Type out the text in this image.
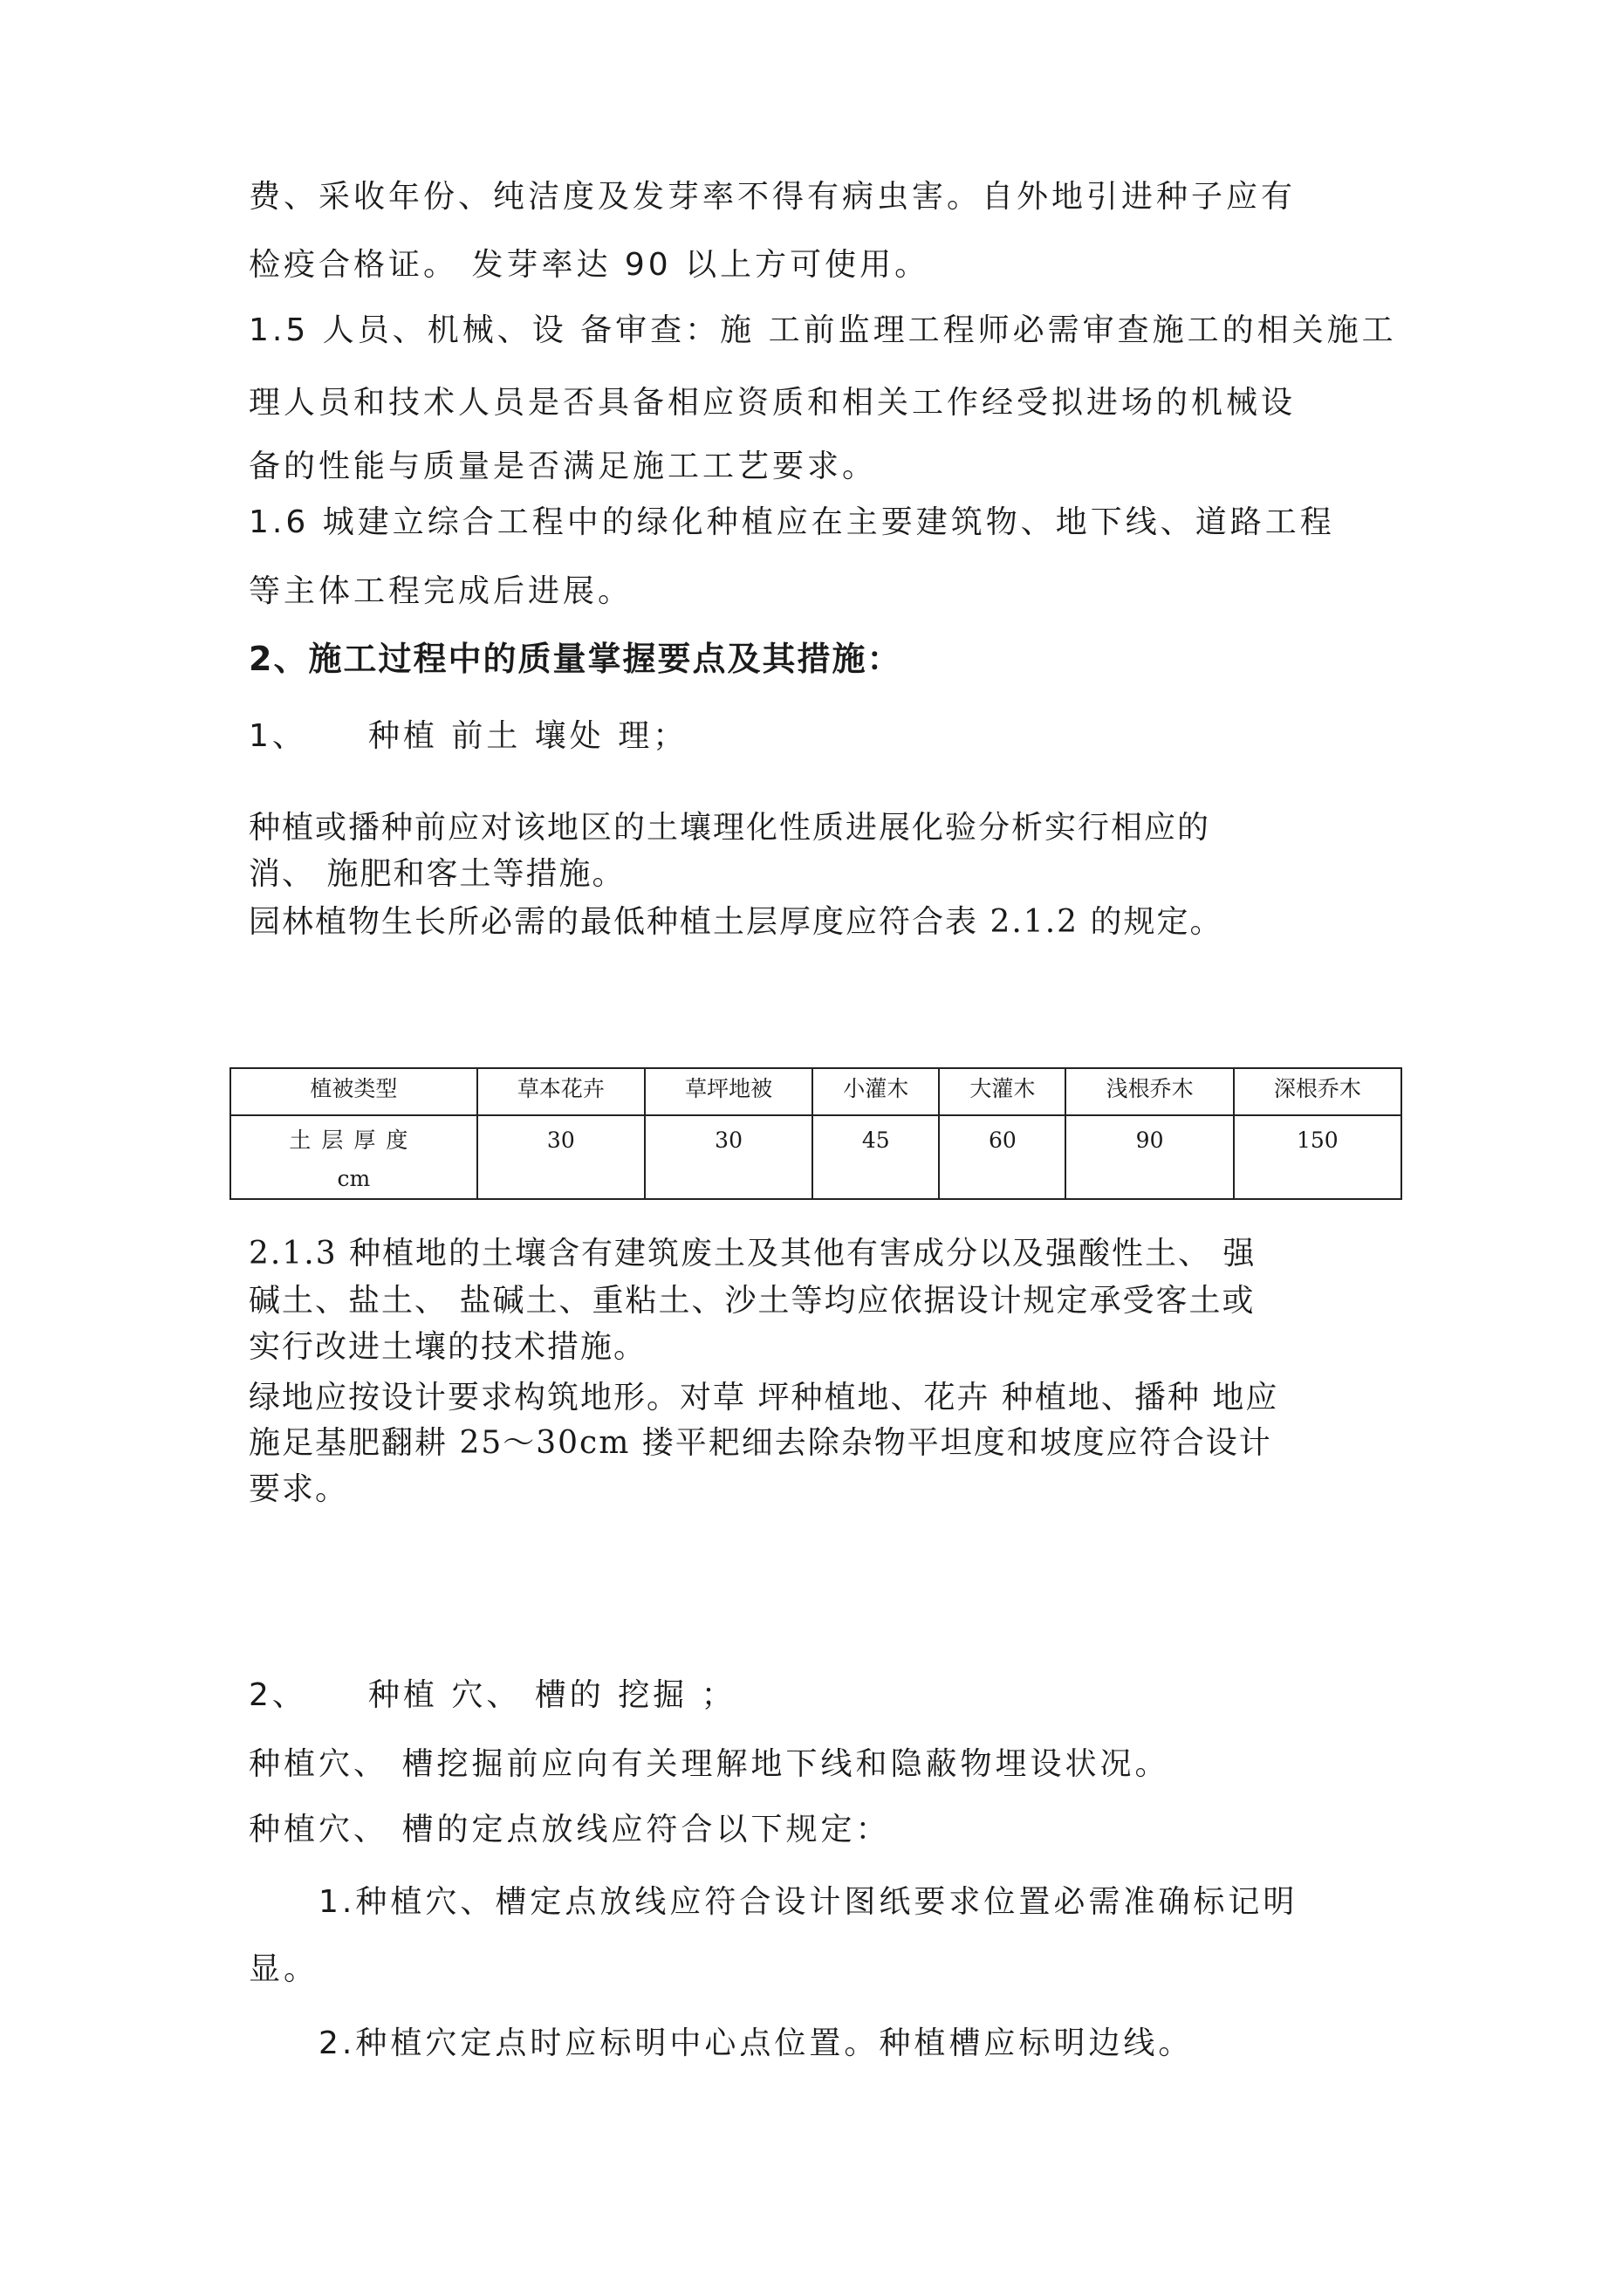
费、采收年份、纯洁度及发芽率不得有病虫害。自外地引进种子应有

检疫合格证。 发芽率达 90 以上方可使用。

1.5 人员、机械、设 备审查：施 工前监理工程师必需审查施工的相关施工

理人员和技术人员是否具备相应资质和相关工作经受拟进场的机械设

备的性能与质量是否满足施工工艺要求。

1.6 城建立综合工程中的绿化种植应在主要建筑物、地下线、道路工程

等主体工程完成后进展。

2、施工过程中的质量掌握要点及其措施：

1、 种植 前土 壤处 理；

种植或播种前应对该地区的土壤理化性质进展化验分析实行相应的

消、 施肥和客土等措施。

园林植物生长所必需的最低种植土层厚度应符合表 2.1.2 的规定。

植被类型	草本花卉	草坪地被	小灌木	大灌木	浅根乔木	深根乔木

土层厚度
cm	30	30	45	60	90	150

2.1.3 种植地的土壤含有建筑废土及其他有害成分以及强酸性土、 强

碱土、盐土、 盐碱土、重粘土、沙土等均应依据设计规定承受客土或

实行改进土壤的技术措施。

绿地应按设计要求构筑地形。对草 坪种植地、花卉 种植地、播种 地应

施足基肥翻耕 25～30cm 搂平耙细去除杂物平坦度和坡度应符合设计

要求。

2、 种植 穴、 槽的 挖掘 ；

种植穴、 槽挖掘前应向有关理解地下线和隐蔽物埋设状况。

种植穴、 槽的定点放线应符合以下规定：

1.种植穴、槽定点放线应符合设计图纸要求位置必需准确标记明

显。

2.种植穴定点时应标明中心点位置。种植槽应标明边线。
